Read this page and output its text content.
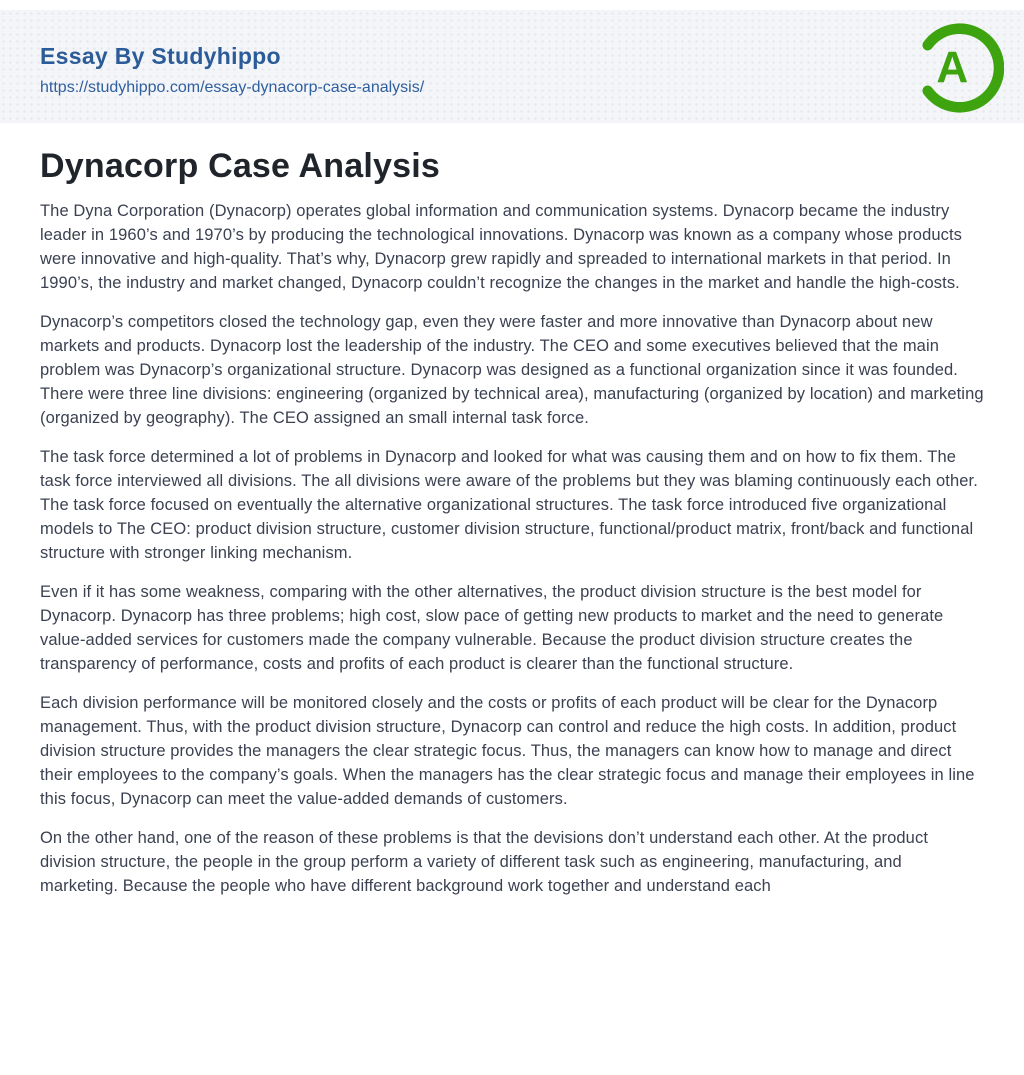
Essay By Studyhippo
https://studyhippo.com/essay-dynacorp-case-analysis/	A
Dynacorp Case Analysis

The Dyna Corporation (Dynacorp) operates global information and communication systems. Dynacorp became the industry leader in 1960’s and 1970’s by producing the technological innovations. Dynacorp was known as a company whose products were innovative and high-quality. That’s why, Dynacorp grew rapidly and spreaded to international markets in that period. In 1990’s, the industry and market changed, Dynacorp couldn’t recognize the changes in the market and handle the high-costs.

Dynacorp’s competitors closed the technology gap, even they were faster and more innovative than Dynacorp about new markets and products. Dynacorp lost the leadership of the industry. The CEO and some executives believed that the main problem was Dynacorp’s organizational structure. Dynacorp was designed as a functional organization since it was founded. There were three line divisions: engineering (organized by technical area), manufacturing (organized by location) and marketing (organized by geography). The CEO assigned an small internal task force.

The task force determined a lot of problems in Dynacorp and looked for what was causing them and on how to fix them. The task force interviewed all divisions. The all divisions were aware of the problems but they was blaming continuously each other. The task force focused on eventually the alternative organizational structures. The task force introduced five organizational models to The CEO: product division structure, customer division structure, functional/product matrix, front/back and functional structure with stronger linking mechanism.

Even if it has some weakness, comparing with the other alternatives, the product division structure is the best model for Dynacorp. Dynacorp has three problems; high cost, slow pace of getting new products to market and the need to generate value-added services for customers made the company vulnerable. Because the product division structure creates the transparency of performance, costs and profits of each product is clearer than the functional structure.

Each division performance will be monitored closely and the costs or profits of each product will be clear for the Dynacorp management. Thus, with the product division structure, Dynacorp can control and reduce the high costs. In addition, product division structure provides the managers the clear strategic focus. Thus, the managers can know how to manage and direct their employees to the company’s goals. When the managers has the clear strategic focus and manage their employees in line this focus, Dynacorp can meet the value-added demands of customers.

On the other hand, one of the reason of these problems is that the devisions don’t understand each other. At the product division structure, the people in the group perform a variety of different task such as engineering, manufacturing, and marketing. Because the people who have different background work together and understand each
